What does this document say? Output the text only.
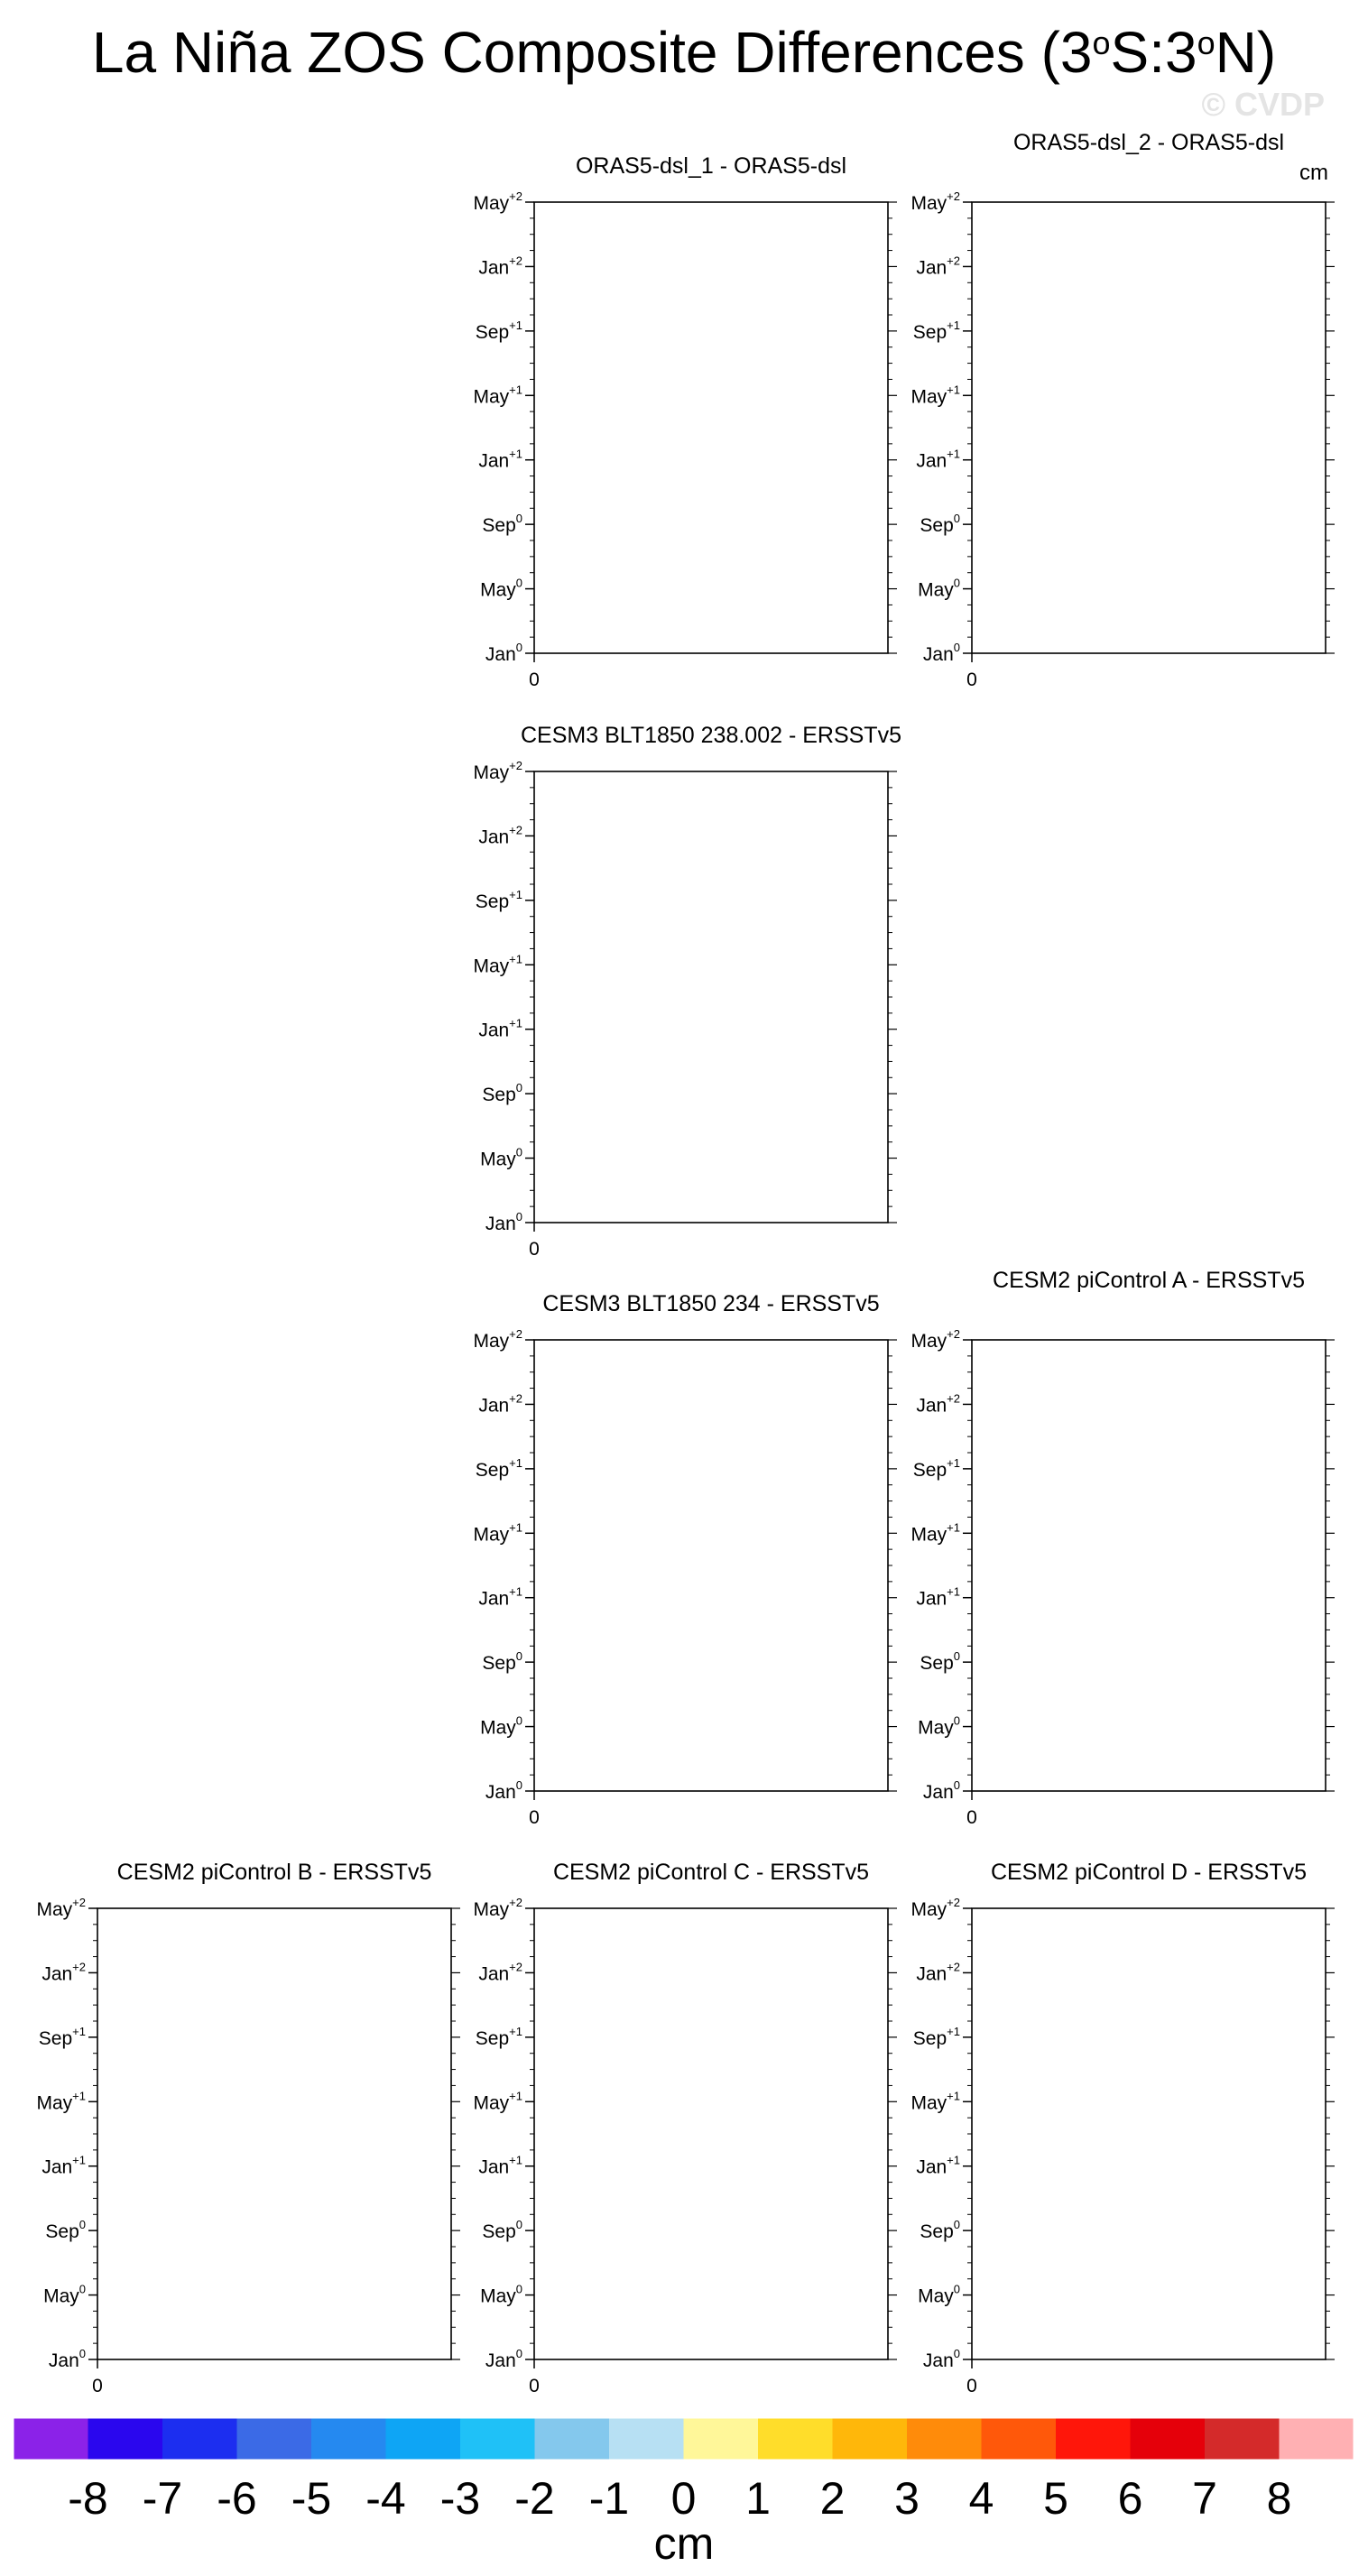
La Niña ZOS Composite Differences (3$^o$S:3$^o$N)
© CVDP
cm
ORAS5-dsl_1 - ORAS5-dsl
May$^{+2}$
Jan$^{+2}$
Sep$^{+1}$
May$^{+1}$
Jan$^{+1}$
Sep$^0$
May$^0$
Jan$^0$
0
ORAS5-dsl_2 - ORAS5-dsl
May$^{+2}$
Jan$^{+2}$
Sep$^{+1}$
May$^{+1}$
Jan$^{+1}$
Sep$^0$
May$^0$
Jan$^0$
0
CESM3 BLT1850 238.002 - ERSSTv5
May$^{+2}$
Jan$^{+2}$
Sep$^{+1}$
May$^{+1}$
Jan$^{+1}$
Sep$^0$
May$^0$
Jan$^0$
0
CESM3 BLT1850 234 - ERSSTv5
May$^{+2}$
Jan$^{+2}$
Sep$^{+1}$
May$^{+1}$
Jan$^{+1}$
Sep$^0$
May$^0$
Jan$^0$
0
CESM2 piControl A - ERSSTv5
May$^{+2}$
Jan$^{+2}$
Sep$^{+1}$
May$^{+1}$
Jan$^{+1}$
Sep$^0$
May$^0$
Jan$^0$
0
CESM2 piControl B - ERSSTv5
May$^{+2}$
Jan$^{+2}$
Sep$^{+1}$
May$^{+1}$
Jan$^{+1}$
Sep$^0$
May$^0$
Jan$^0$
0
CESM2 piControl C - ERSSTv5
May$^{+2}$
Jan$^{+2}$
Sep$^{+1}$
May$^{+1}$
Jan$^{+1}$
Sep$^0$
May$^0$
Jan$^0$
0
CESM2 piControl D - ERSSTv5
May$^{+2}$
Jan$^{+2}$
Sep$^{+1}$
May$^{+1}$
Jan$^{+1}$
Sep$^0$
May$^0$
Jan$^0$
0
-8 -7 -6 -5 -4 -3 -2 -1 0 1 2 3 4 5 6 7 8
cm
